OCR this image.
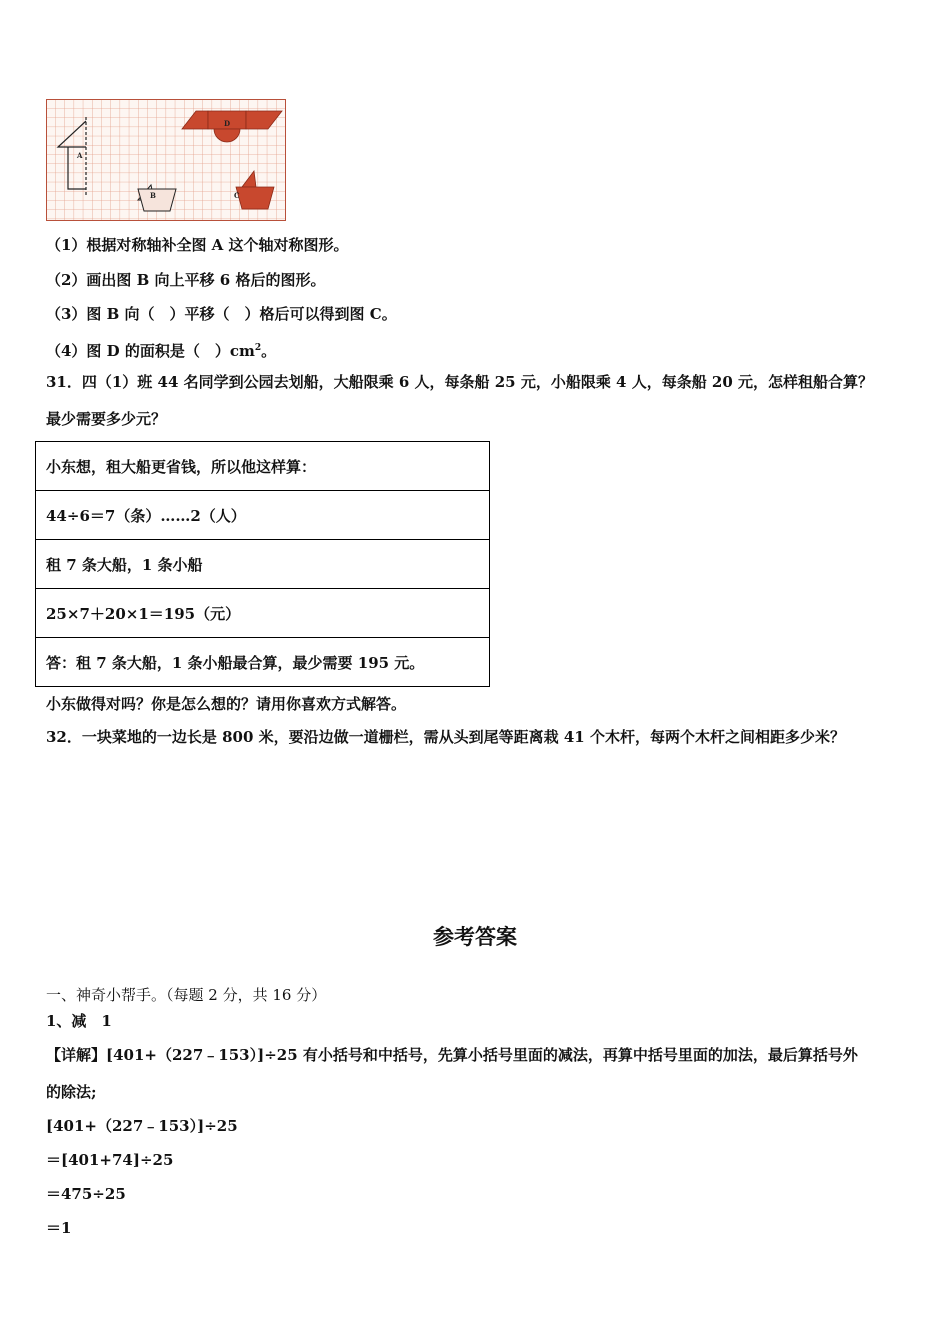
A
D
B	C
（1）根据对称轴补全图 A 这个轴对称图形。
（2）画出图 B 向上平移 6 格后的图形。
（3）图 B 向（　）平移（　）格后可以得到图 C。
（4）图 D 的面积是（　）$cm^2$。
31．四（1）班 44 名同学到公园去划船，大船限乘 6 人，每条船 25 元，小船限乘 4 人，每条船 20 元，怎样租船合算？
最少需要多少元？
小东想，租大船更省钱，所以他这样算：
44÷6＝7（条）……2（人）
租 7 条大船，1 条小船
25×7＋20×1＝195（元）
答：租 7 条大船，1 条小船最合算，最少需要 195 元。
小东做得对吗？你是怎么想的？请用你喜欢方式解答。
32．一块菜地的一边长是 800 米，要沿边做一道栅栏，需从头到尾等距离栽 41 个木杆，每两个木杆之间相距多少米？
参考答案
一、神奇小帮手。（每题 2 分，共 16 分）
1、减　1
【详解】[401+（227﹣153）]÷25 有小括号和中括号，先算小括号里面的减法，再算中括号里面的加法，最后算括号外
的除法;
[401+（227﹣153）]÷25
＝[401+74]÷25
＝475÷25
＝1
